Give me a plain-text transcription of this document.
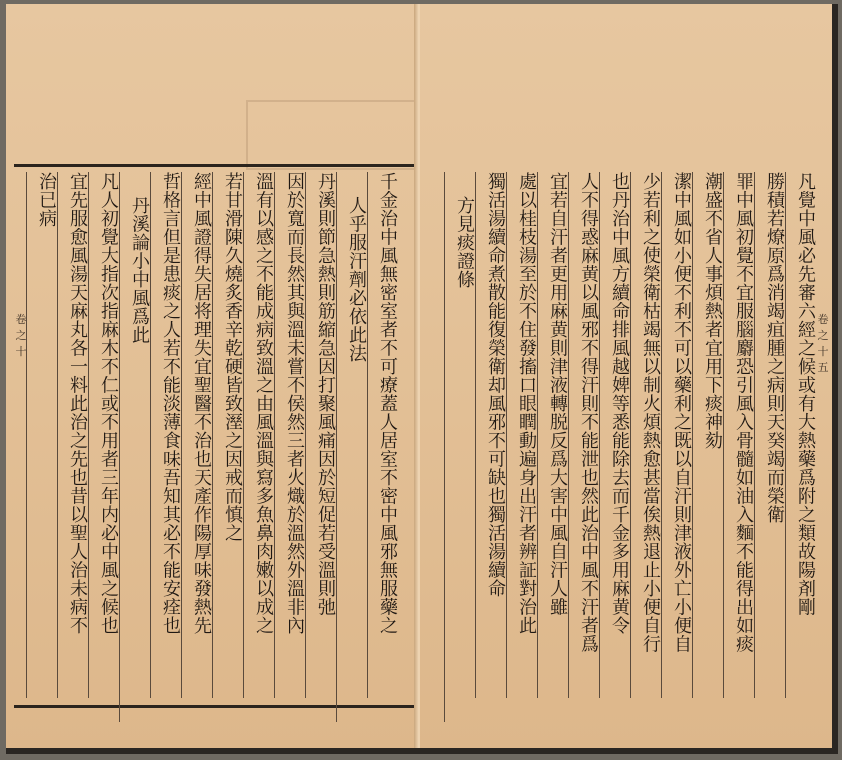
卷
之
十	千金治中風無密室者不可療蓋人居室不密中風邪無服藥之
人乎服汗劑必依此法
丹溪則節急熱則筋縮急因打聚風痛因於短促若受溫則弛
因於寬而長然其與溫未嘗不侯然三者火熾於溫然外溫非內
溫有以感之不能成病致溫之由風溫與寫多魚鼻肉嫩以成之
若甘滑陳久燒炙香辛乾硬皆致溼之因戒而慎之
經中風證得失居将理失宜聖醫不治也天產作陽厚味發熱先
哲格言但是患痰之人若不能淡薄食味吾知其必不能安痊也
丹溪論小中風爲此
凡人初覺大指次指麻木不仁或不用者三年内必中風之候也
宜先服愈風湯天麻丸各一料此治之先也昔以聖人治未病不
治已病
卷
之
十
五
凡覺中風必先審六經之候或有大熱藥爲附之類故陽剤剛
勝積若燎原爲消竭疽腫之病則天癸竭而榮衛
罪中風初覺不宜服腦麝恐引風入骨髓如油入麵不能得出如痰
潮盛不省人事煩熱者宜用下痰神劾
潔中風如小便不利不可以藥利之既以自汗則津液外亡小便自
少若利之使榮衛枯竭無以制火煩熱愈甚當俟熱退止小便自行
也丹治中風方續命排風越婢等悉能除去而千金多用麻黄令
人不得惑麻黄以風邪不得汗則不能泄也然此治中風不汗者爲
宜若自汗者更用麻黄則津液轉脱反爲大害中風自汗人雖
處以桂枝湯至於不住發搐口眼瞤動遍身出汗者辨証對治此
獨活湯續命煮散能復榮衛却風邪不可缺也獨活湯續命
方見痰證條
